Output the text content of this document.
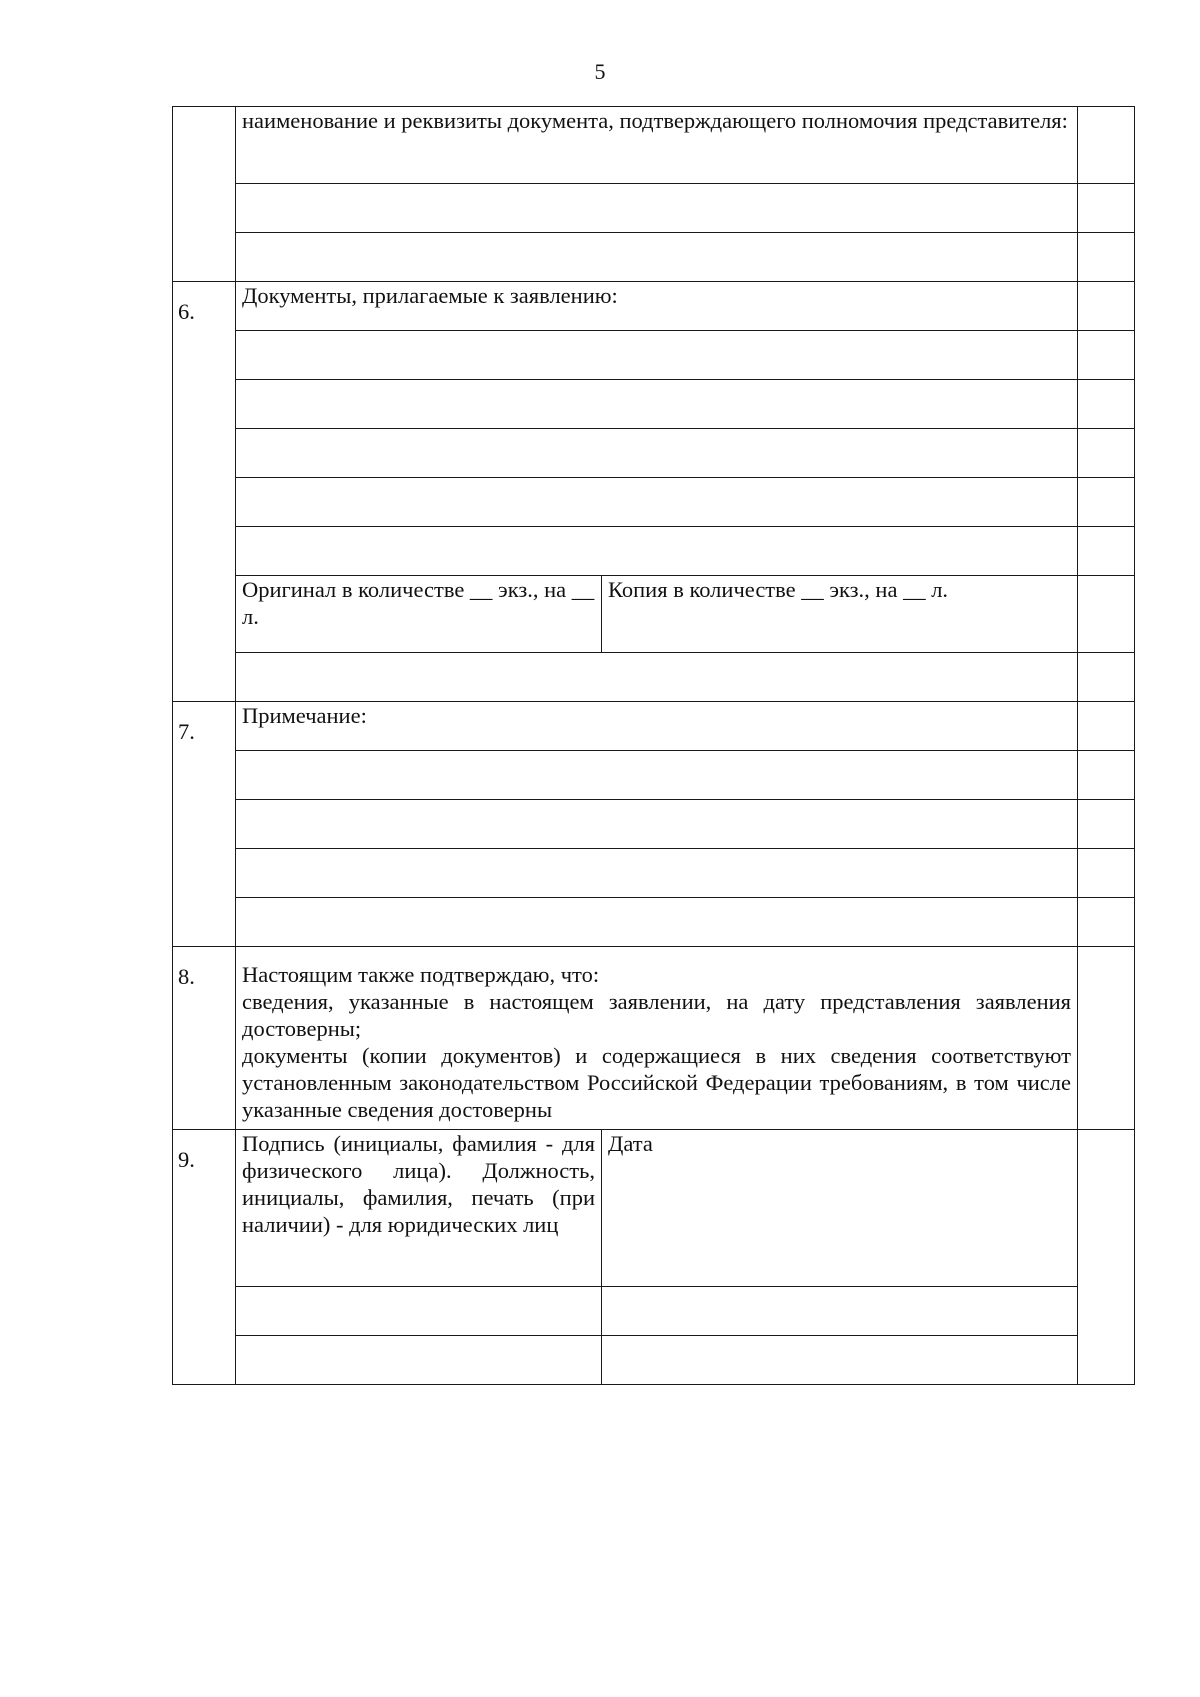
5

	наименование и реквизиты документа, подтверждающего полномочия представителя:		

6.	Документы, прилагаемые к заявлению:		

	Оригинал в количестве __ экз., на __ л.	Копия в количестве __ экз., на __ л.	

7.	Примечание:		

8.	Настоящим также подтверждаю, что:
сведения, указанные в настоящем заявлении, на дату представления заявления достоверны;
документы (копии документов) и содержащиеся в них сведения соответствуют установленным законодательством Российской Федерации требованиям, в том числе указанные сведения достоверны		

9.	Подпись (инициалы, фамилия - для физического лица). Должность, инициалы, фамилия, печать (при наличии) - для юридических лиц	Дата	
